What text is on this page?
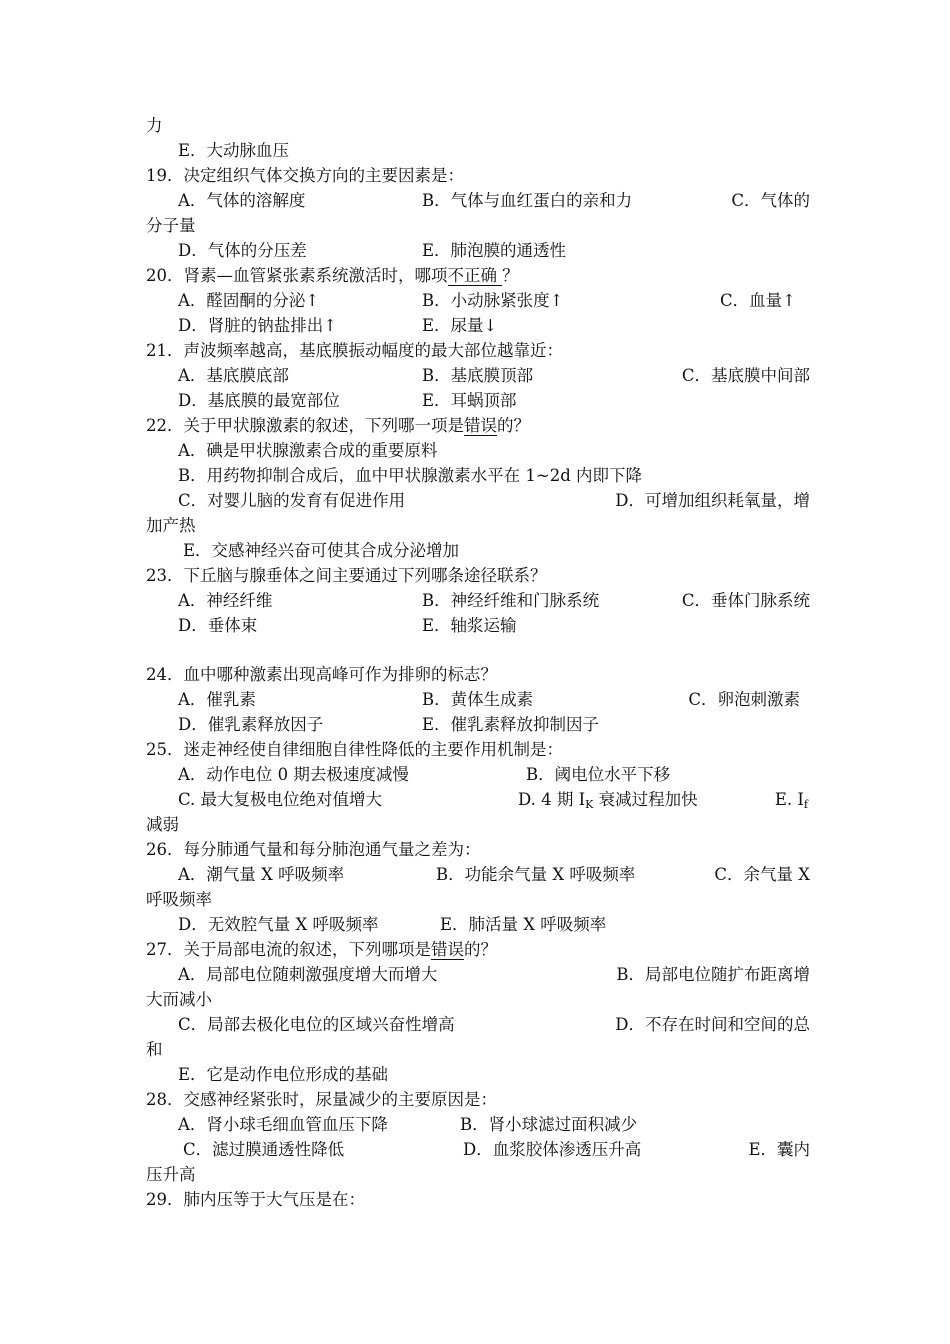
力
E．大动脉血压
19．决定组织气体交换方向的主要因素是：
A．气体的溶解度	B．气体与血红蛋白的亲和力	C．气体的
分子量
D．气体的分压差	E．肺泡膜的通透性
20．肾素—血管紧张素系统激活时，哪项不正确 ？
A．醛固酮的分泌↑	B．小动脉紧张度↑	C．血量↑
D．肾脏的钠盐排出↑	E．尿量↓
21．声波频率越高，基底膜振动幅度的最大部位越靠近：
A．基底膜底部	B．基底膜顶部	C．基底膜中间部
D．基底膜的最宽部位	E．耳蜗顶部
22．关于甲状腺激素的叙述，下列哪一项是错误的？
A．碘是甲状腺激素合成的重要原料
B．用药物抑制合成后，血中甲状腺激素水平在 1~2d 内即下降
C．对婴儿脑的发育有促进作用	D．可增加组织耗氧量，增
加产热
E．交感神经兴奋可使其合成分泌增加
23．下丘脑与腺垂体之间主要通过下列哪条途径联系？
A．神经纤维	B．神经纤维和门脉系统	C．垂体门脉系统
D．垂体束	E．轴浆运输
24．血中哪种激素出现高峰可作为排卵的标志？
A．催乳素	B．黄体生成素	C．卵泡刺激素
D．催乳素释放因子	E．催乳素释放抑制因子
25．迷走神经使自律细胞自律性降低的主要作用机制是：
A．动作电位 0 期去极速度减慢	B．阈电位水平下移
C. 最大复极电位绝对值增大	D. 4 期 $I_K$ 衰减过程加快	E. $I_f$
减弱
26．每分肺通气量和每分肺泡通气量之差为：
A．潮气量 X 呼吸频率	B．功能余气量 X 呼吸频率	C．余气量 X
呼吸频率
D．无效腔气量 X 呼吸频率	E．肺活量 X 呼吸频率
27．关于局部电流的叙述，下列哪项是错误的？
A．局部电位随刺激强度增大而增大	B．局部电位随扩布距离增
大而减小
C．局部去极化电位的区域兴奋性增高	D．不存在时间和空间的总
和
E．它是动作电位形成的基础
28．交感神经紧张时，尿量减少的主要原因是：
A．肾小球毛细血管血压下降	B．肾小球滤过面积减少
C．滤过膜通透性降低	D．血浆胶体渗透压升高	E．囊内
压升高
29．肺内压等于大气压是在：
